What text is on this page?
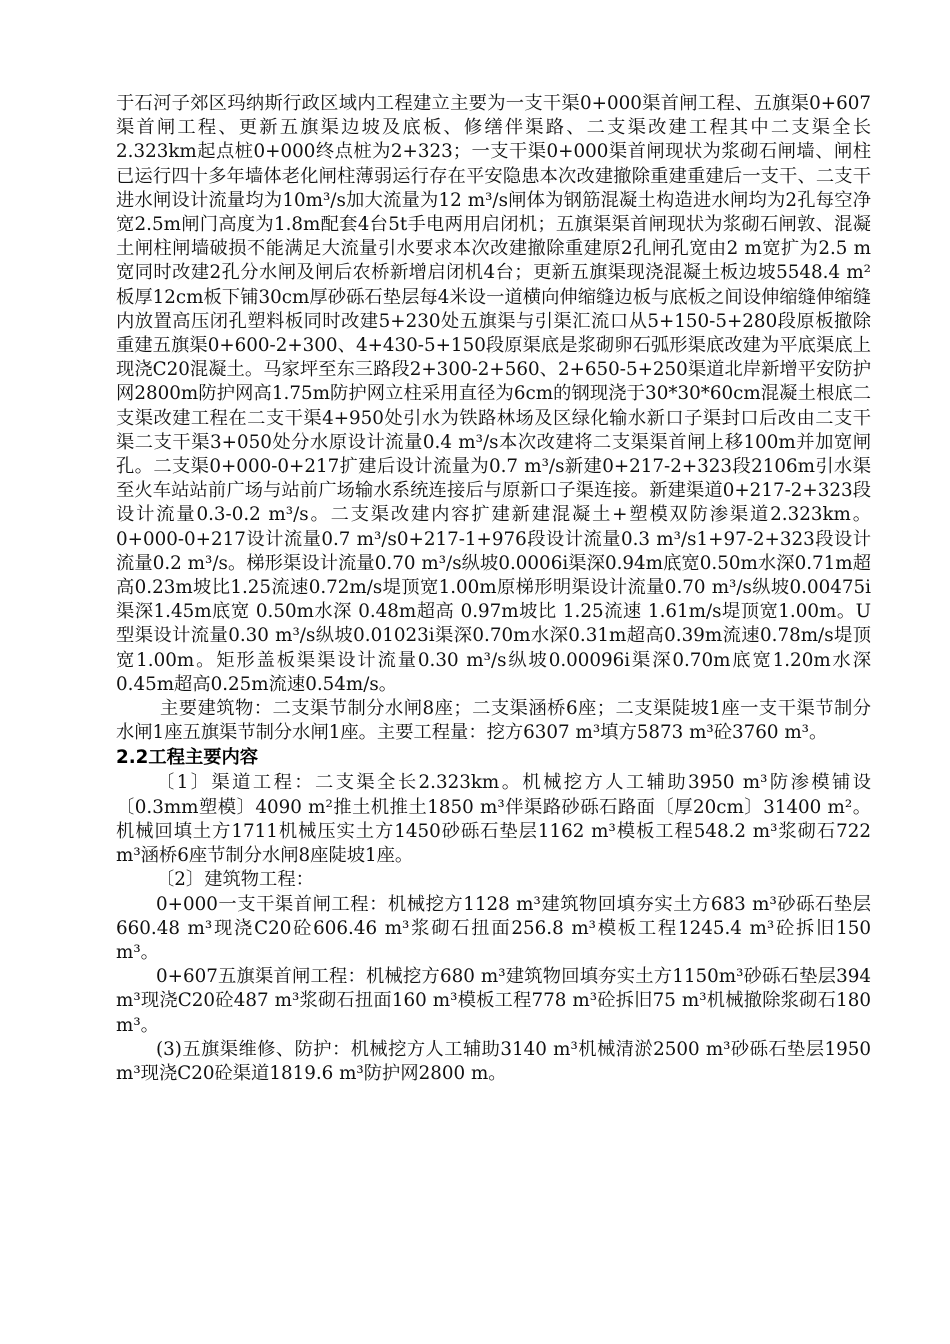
于石河子郊区玛纳斯行政区域内工程建立主要为一支干渠0+000渠首闸工程、五旗渠0+607渠首闸工程、更新五旗渠边坡及底板、修缮伴渠路、二支渠改建工程其中二支渠全长2.323km起点桩0+000终点桩为2+323；一支干渠0+000渠首闸现状为浆砌石闸墙、闸柱已运行四十多年墙体老化闸柱薄弱运行存在平安隐患本次改建撤除重建重建后一支干、二支干进水闸设计流量均为10m³/s加大流量为12 m³/s闸体为钢筋混凝土构造进水闸均为2孔每空净宽2.5m闸门高度为1.8m配套4台5t手电两用启闭机；五旗渠渠首闸现状为浆砌石闸敦、混凝土闸柱闸墙破损不能满足大流量引水要求本次改建撤除重建原2孔闸孔宽由2 m宽扩为2.5 m宽同时改建2孔分水闸及闸后农桥新增启闭机4台；更新五旗渠现浇混凝土板边坡5548.4 m²板厚12cm板下铺30cm厚砂砾石垫层每4米设一道横向伸缩缝边板与底板之间设伸缩缝伸缩缝内放置高压闭孔塑料板同时改建5+230处五旗渠与引渠汇流口从5+150-5+280段原板撤除重建五旗渠0+600-2+300、4+430-5+150段原渠底是浆砌卵石弧形渠底改建为平底渠底上现浇C20混凝土。马家坪至东三路段2+300-2+560、2+650-5+250渠道北岸新增平安防护网2800m防护网高1.75m防护网立柱采用直径为6cm的钢现浇于30*30*60cm混凝土根底二支渠改建工程在二支干渠4+950处引水为铁路林场及区绿化输水新口子渠封口后改由二支干渠二支干渠3+050处分水原设计流量0.4 m³/s本次改建将二支渠渠首闸上移100m并加宽闸孔。二支渠0+000-0+217扩建后设计流量为0.7 m³/s新建0+217-2+323段2106m引水渠至火车站站前广场与站前广场输水系统连接后与原新口子渠连接。新建渠道0+217-2+323段设计流量0.3-0.2 m³/s。二支渠改建内容扩建新建混凝土+塑模双防渗渠道2.323km。0+000-0+217设计流量0.7 m³/s0+217-1+976段设计流量0.3 m³/s1+97-2+323段设计流量0.2 m³/s。梯形渠设计流量0.70 m³/s纵坡0.0006i渠深0.94m底宽0.50m水深0.71m超高0.23m坡比1.25流速0.72m/s堤顶宽1.00m原梯形明渠设计流量0.70 m³/s纵坡0.00475i渠深1.45m底宽 0.50m水深 0.48m超高 0.97m坡比 1.25流速 1.61m/s堤顶宽1.00m。U型渠设计流量0.30 m³/s纵坡0.01023i渠深0.70m水深0.31m超高0.39m流速0.78m/s堤顶宽1.00m。矩形盖板渠渠设计流量0.30 m³/s纵坡0.00096i渠深0.70m底宽1.20m水深0.45m超高0.25m流速0.54m/s。

主要建筑物：二支渠节制分水闸8座；二支渠涵桥6座；二支渠陡坡1座一支干渠节制分水闸1座五旗渠节制分水闸1座。主要工程量：挖方6307 m³填方5873 m³砼3760 m³。

2.2工程主要内容

〔1〕渠道工程：二支渠全长2.323km。机械挖方人工辅助3950 m³防渗模铺设〔0.3mm塑模〕4090 m²推土机推土1850 m³伴渠路砂砾石路面〔厚20cm〕31400 m²。机械回填土方1711机械压实土方1450砂砾石垫层1162 m³模板工程548.2 m³浆砌石722 m³涵桥6座节制分水闸8座陡坡1座。

〔2〕建筑物工程：

0+000一支干渠首闸工程：机械挖方1128 m³建筑物回填夯实土方683 m³砂砾石垫层660.48 m³现浇C20砼606.46 m³浆砌石扭面256.8 m³模板工程1245.4 m³砼拆旧150 m³。

0+607五旗渠首闸工程：机械挖方680 m³建筑物回填夯实土方1150m³砂砾石垫层394 m³现浇C20砼487 m³浆砌石扭面160 m³模板工程778 m³砼拆旧75 m³机械撤除浆砌石180 m³。

(3)五旗渠维修、防护：机械挖方人工辅助3140 m³机械清淤2500 m³砂砾石垫层1950 m³现浇C20砼渠道1819.6 m³防护网2800 m。
